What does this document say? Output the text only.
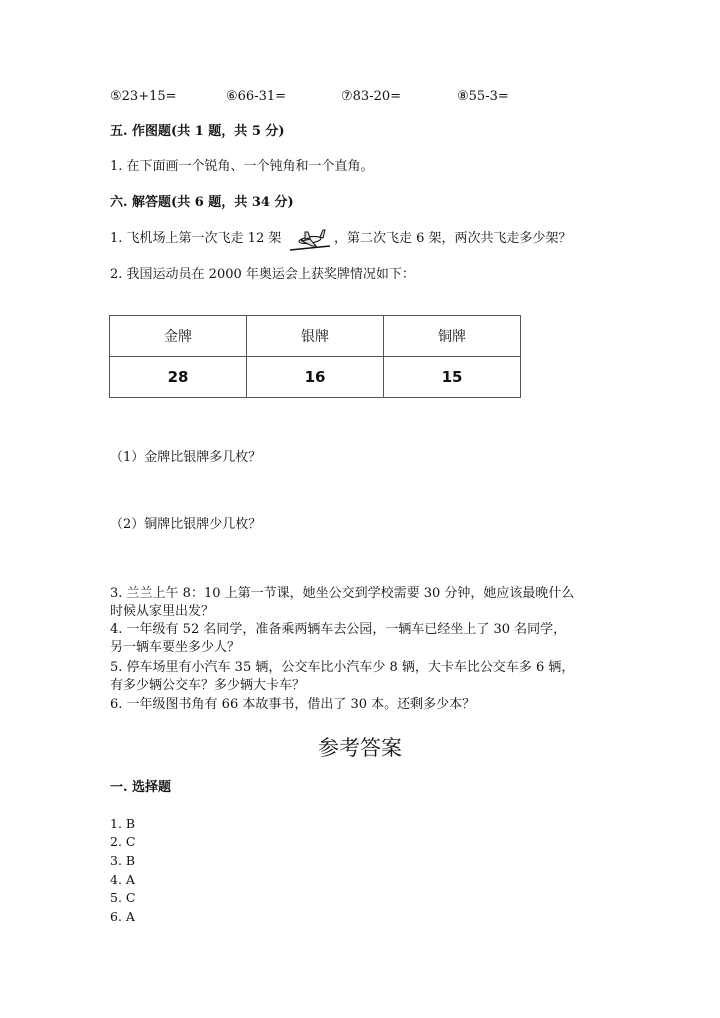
⑤23+15=	⑥66-31=	⑦83-20=	⑧55-3=
五. 作图题(共 1 题，共 5 分)
1. 在下面画一个锐角、一个钝角和一个直角。
六. 解答题(共 6 题，共 34 分)
1. 飞机场上第一次飞走 12 架	，第二次飞走 6 架，两次共飞走多少架？
2. 我国运动员在 2000 年奥运会上获奖牌情况如下：
金牌	银牌	铜牌
28	16	15
（1）金牌比银牌多几枚？
（2）铜牌比银牌少几枚？
3. 兰兰上午 8：10 上第一节课，她坐公交到学校需要 30 分钟，她应该最晚什么
时候从家里出发？
4. 一年级有 52 名同学，准备乘两辆车去公园，一辆车已经坐上了 30 名同学，
另一辆车要坐多少人？
5. 停车场里有小汽车 35 辆，公交车比小汽车少 8 辆，大卡车比公交车多 6 辆，
有多少辆公交车？多少辆大卡车？
6. 一年级图书角有 66 本故事书，借出了 30 本。还剩多少本？
参考答案
一. 选择题
1. B
2. C
3. B
4. A
5. C
6. A
